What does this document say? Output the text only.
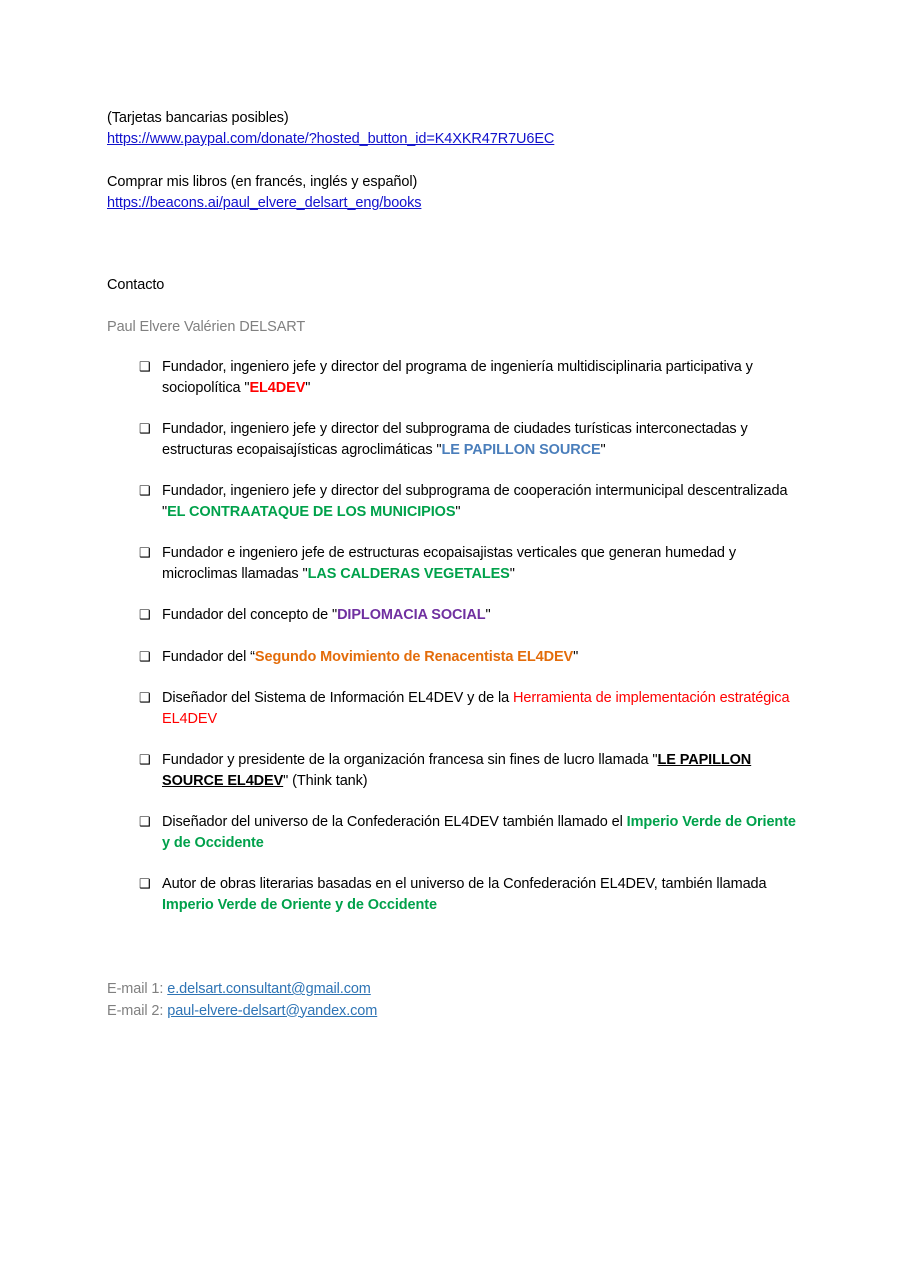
(Tarjetas bancarias posibles)
https://www.paypal.com/donate/?hosted_button_id=K4XKR47R7U6EC
Comprar mis libros (en francés, inglés y español)
https://beacons.ai/paul_elvere_delsart_eng/books
Contacto
Paul Elvere Valérien DELSART
❑ Fundador, ingeniero jefe y director del programa de ingeniería multidisciplinaria participativa y sociopolítica "EL4DEV"
❑ Fundador, ingeniero jefe y director del subprograma de ciudades turísticas interconectadas y estructuras ecopaisajísticas agroclimáticas "LE PAPILLON SOURCE"
❑ Fundador, ingeniero jefe y director del subprograma de cooperación intermunicipal descentralizada "EL CONTRAATAQUE DE LOS MUNICIPIOS"
❑ Fundador e ingeniero jefe de estructuras ecopaisajistas verticales que generan humedad y microclimas llamadas "LAS CALDERAS VEGETALES"
❑ Fundador del concepto de "DIPLOMACIA SOCIAL"
❑ Fundador del “Segundo Movimiento de Renacentista EL4DEV"
❑ Diseñador del Sistema de Información EL4DEV y de la Herramienta de implementación estratégica EL4DEV
❑ Fundador y presidente de la organización francesa sin fines de lucro llamada "LE PAPILLON SOURCE EL4DEV" (Think tank)
❑ Diseñador del universo de la Confederación EL4DEV también llamado el Imperio Verde de Oriente y de Occidente
❑ Autor de obras literarias basadas en el universo de la Confederación EL4DEV, también llamada Imperio Verde de Oriente y de Occidente
E-mail 1: e.delsart.consultant@gmail.com
E-mail 2: paul-elvere-delsart@yandex.com
